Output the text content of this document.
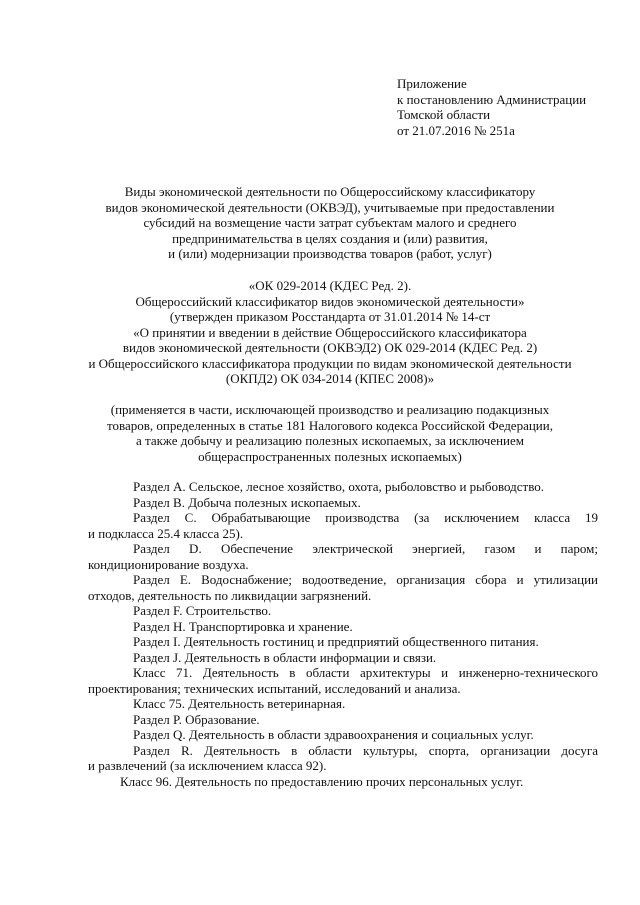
Приложение
к постановлению Администрации
Томской области
от 21.07.2016 № 251а
Виды экономической деятельности по Общероссийскому классификатору
видов экономической деятельности (ОКВЭД), учитываемые при предоставлении
субсидий на возмещение части затрат субъектам малого и среднего
предпринимательства в целях создания и (или) развития,
и (или) модернизации производства товаров (работ, услуг)
«ОК 029-2014 (КДЕС Ред. 2).
Общероссийский классификатор видов экономической деятельности»
(утвержден приказом Росстандарта от 31.01.2014 № 14-ст
«О принятии и введении в действие Общероссийского классификатора
видов экономической деятельности (ОКВЭД2) ОК 029-2014 (КДЕС Ред. 2)
и Общероссийского классификатора продукции по видам экономической деятельности
(ОКПД2) ОК 034-2014 (КПЕС 2008)»
(применяется в части, исключающей производство и реализацию подакцизных
товаров, определенных в статье 181 Налогового кодекса Российской Федерации,
а также добычу и реализацию полезных ископаемых, за исключением
общераспространенных полезных ископаемых)
Раздел А. Сельское, лесное хозяйство, охота, рыболовство и рыбоводство.
Раздел В. Добыча полезных ископаемых.
Раздел С. Обрабатывающие производства (за исключением класса 19
и подкласса 25.4 класса 25).
Раздел D. Обеспечение электрической энергией, газом и паром;
кондиционирование воздуха.
Раздел Е. Водоснабжение; водоотведение, организация сбора и утилизации
отходов, деятельность по ликвидации загрязнений.
Раздел F. Строительство.
Раздел Н. Транспортировка и хранение.
Раздел I. Деятельность гостиниц и предприятий общественного питания.
Раздел J. Деятельность в области информации и связи.
Класс 71. Деятельность в области архитектуры и инженерно-технического
проектирования; технических испытаний, исследований и анализа.
Класс 75. Деятельность ветеринарная.
Раздел Р. Образование.
Раздел Q. Деятельность в области здравоохранения и социальных услуг.
Раздел R. Деятельность в области культуры, спорта, организации досуга
и развлечений (за исключением класса 92).
Класс 96. Деятельность по предоставлению прочих персональных услуг.
